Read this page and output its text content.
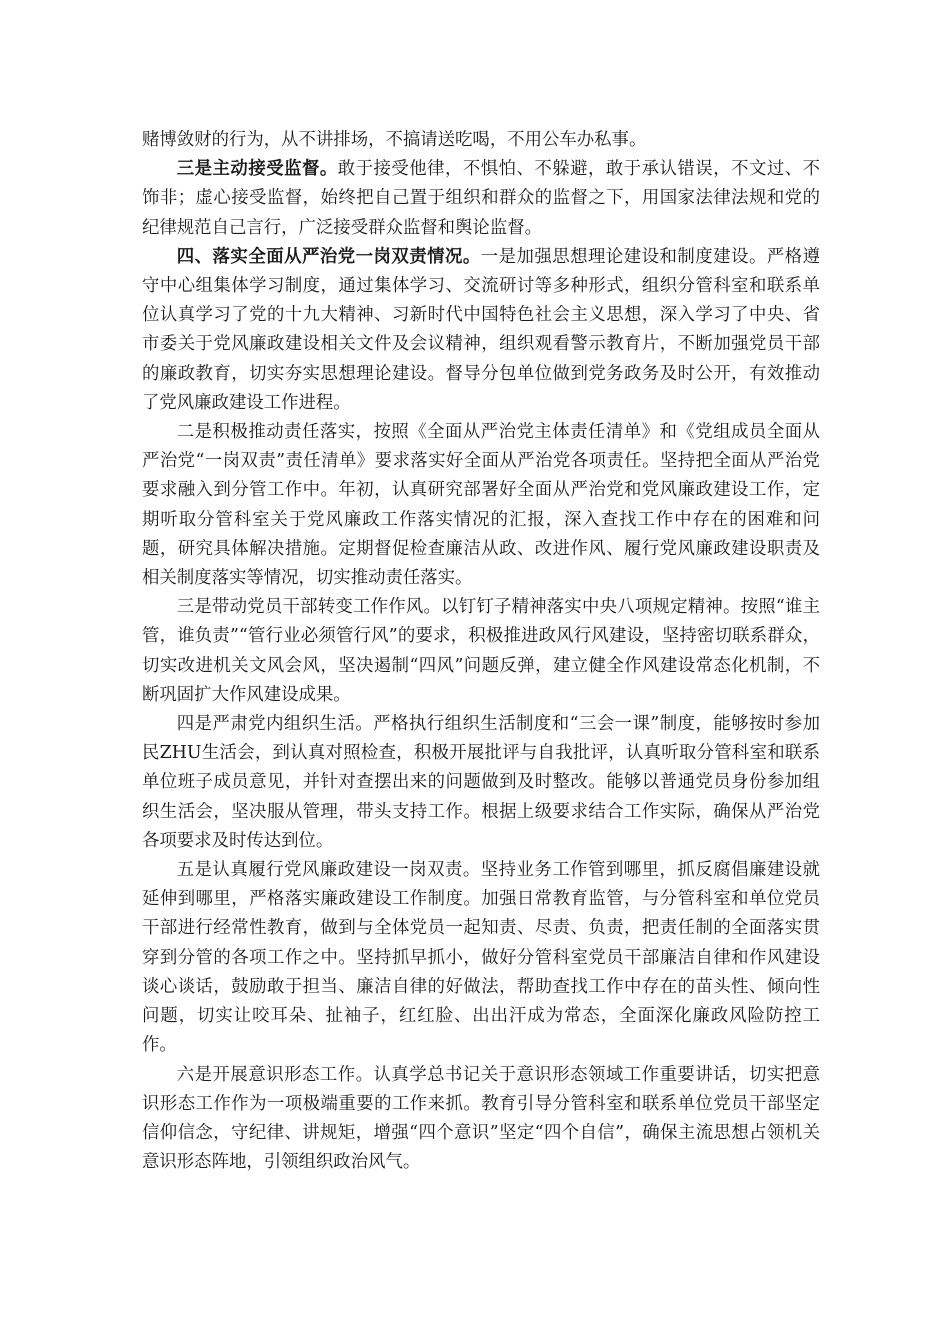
赌博敛财的行为，从不讲排场，不搞请送吃喝，不用公车办私事。

三是主动接受监督。敢于接受他律，不惧怕、不躲避，敢于承认错误，不文过、不饰非；虚心接受监督，始终把自己置于组织和群众的监督之下，用国家法律法规和党的纪律规范自己言行，广泛接受群众监督和舆论监督。

四、落实全面从严治党一岗双责情况。一是加强思想理论建设和制度建设。严格遵守中心组集体学习制度，通过集体学习、交流研讨等多种形式，组织分管科室和联系单位认真学习了党的十九大精神、习新时代中国特色社会主义思想，深入学习了中央、省市委关于党风廉政建设相关文件及会议精神，组织观看警示教育片，不断加强党员干部的廉政教育，切实夯实思想理论建设。督导分包单位做到党务政务及时公开，有效推动了党风廉政建设工作进程。

二是积极推动责任落实，按照《全面从严治党主体责任清单》和《党组成员全面从严治党“一岗双责”责任清单》要求落实好全面从严治党各项责任。坚持把全面从严治党要求融入到分管工作中。年初，认真研究部署好全面从严治党和党风廉政建设工作，定期听取分管科室关于党风廉政工作落实情况的汇报，深入查找工作中存在的困难和问题，研究具体解决措施。定期督促检查廉洁从政、改进作风、履行党风廉政建设职责及相关制度落实等情况，切实推动责任落实。

三是带动党员干部转变工作作风。以钉钉子精神落实中央八项规定精神。按照“谁主管，谁负责”“管行业必须管行风”的要求，积极推进政风行风建设，坚持密切联系群众，切实改进机关文风会风，坚决遏制“四风”问题反弹，建立健全作风建设常态化机制，不断巩固扩大作风建设成果。

四是严肃党内组织生活。严格执行组织生活制度和“三会一课”制度，能够按时参加民ZHU生活会，到认真对照检查，积极开展批评与自我批评，认真听取分管科室和联系单位班子成员意见，并针对查摆出来的问题做到及时整改。能够以普通党员身份参加组织生活会，坚决服从管理，带头支持工作。根据上级要求结合工作实际，确保从严治党各项要求及时传达到位。

五是认真履行党风廉政建设一岗双责。坚持业务工作管到哪里，抓反腐倡廉建设就延伸到哪里，严格落实廉政建设工作制度。加强日常教育监管，与分管科室和单位党员干部进行经常性教育，做到与全体党员一起知责、尽责、负责，把责任制的全面落实贯穿到分管的各项工作之中。坚持抓早抓小，做好分管科室党员干部廉洁自律和作风建设谈心谈话，鼓励敢于担当、廉洁自律的好做法，帮助查找工作中存在的苗头性、倾向性问题，切实让咬耳朵、扯袖子，红红脸、出出汗成为常态，全面深化廉政风险防控工作。

六是开展意识形态工作。认真学总书记关于意识形态领域工作重要讲话，切实把意识形态工作作为一项极端重要的工作来抓。教育引导分管科室和联系单位党员干部坚定信仰信念，守纪律、讲规矩，增强“四个意识”坚定“四个自信”，确保主流思想占领机关意识形态阵地，引领组织政治风气。
